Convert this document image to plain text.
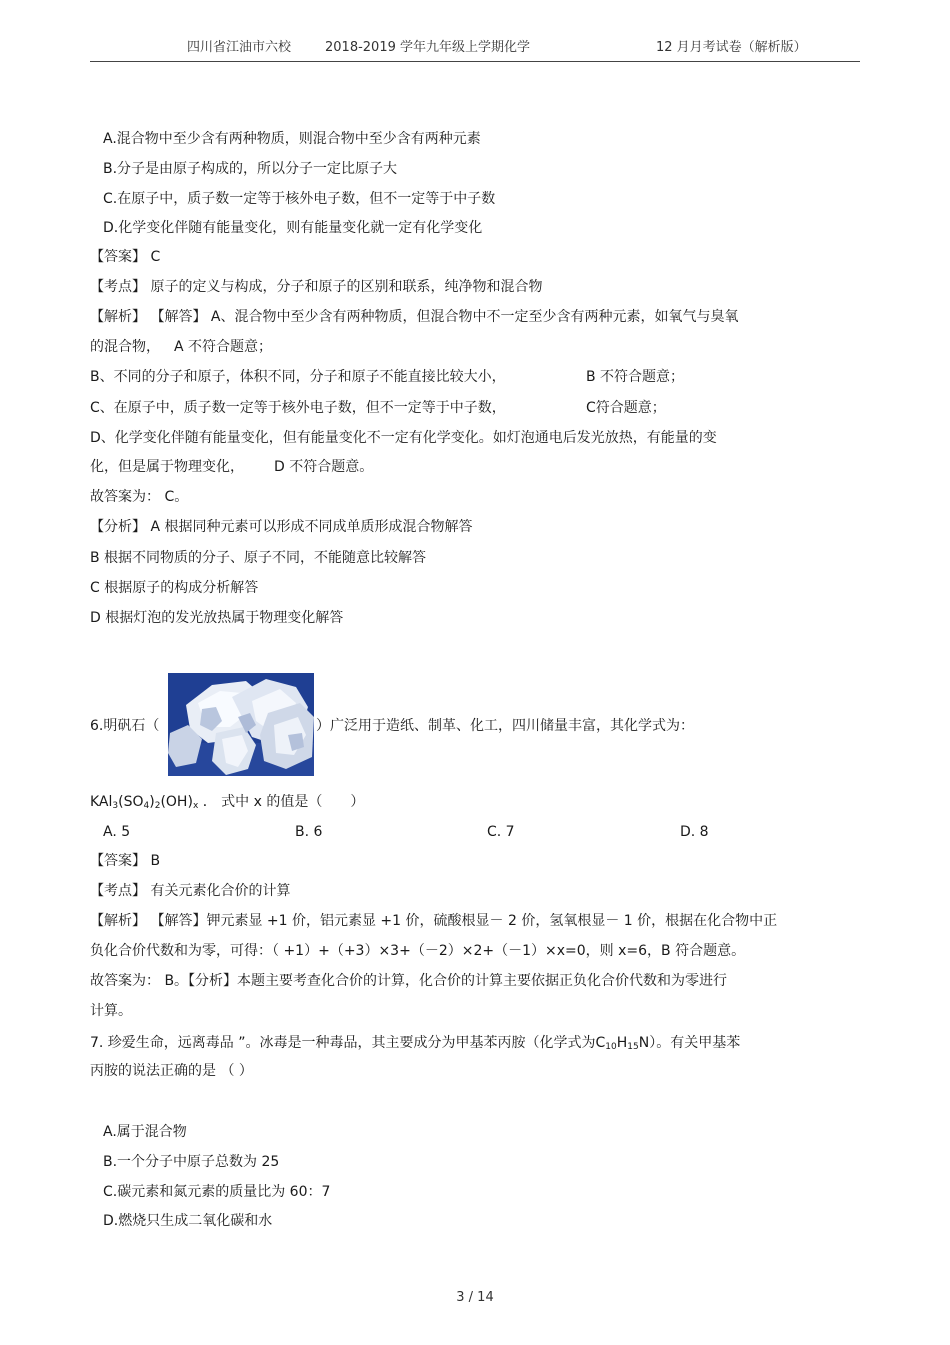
四川省江油市六校	2018-2019 学年九年级上学期化学	12 月月考试卷（解析版）
A.混合物中至少含有两种物质，则混合物中至少含有两种元素
B.分子是由原子构成的，所以分子一定比原子大
C.在原子中，质子数一定等于核外电子数，但不一定等于中子数
D.化学变化伴随有能量变化，则有能量变化就一定有化学变化
【答案】 C
【考点】 原子的定义与构成，分子和原子的区别和联系，纯净物和混合物
【解析】 【解答】 A、混合物中至少含有两种物质，但混合物中不一定至少含有两种元素，如氧气与臭氧
的混合物， A 不符合题意；
B、不同的分子和原子，体积不同，分子和原子不能直接比较大小，	B 不符合题意；
C、在原子中，质子数一定等于核外电子数，但不一定等于中子数，	C符合题意；
D、化学变化伴随有能量变化，但有能量变化不一定有化学变化。如灯泡通电后发光放热，有能量的变
化，但是属于物理变化， D 不符合题意。
故答案为： C。
【分析】 A 根据同种元素可以形成不同成单质形成混合物解答
B 根据不同物质的分子、原子不同，不能随意比较解答
C 根据原子的构成分析解答
D 根据灯泡的发光放热属于物理变化解答
6.明矾石（	）广泛用于造纸、制革、化工，四川储量丰富，其化学式为：
$KAl_3(SO_4)_2(OH)_x$ ． 式中 x 的值是（　　）
A. 5	B. 6	C. 7	D. 8
【答案】 B
【考点】 有关元素化合价的计算
【解析】 【解答】钾元素显 +1 价，铝元素显 +1 价，硫酸根显－ 2 价，氢氧根显－ 1 价，根据在化合物中正
负化合价代数和为零，可得：（ +1）+（+3）×3+（－2）×2+（－1）×x=0，则 x=6，B 符合题意。
故答案为： B。【分析】本题主要考查化合价的计算，化合价的计算主要依据正负化合价代数和为零进行
计算。
7. 珍爱生命，远离毒品 ”。冰毒是一种毒品，其主要成分为甲基苯丙胺（化学式为$C_{10}H_{15}N$）。有关甲基苯
丙胺的说法正确的是 （ ）
A.属于混合物
B.一个分子中原子总数为 25
C.碳元素和氮元素的质量比为 60：7
D.燃烧只生成二氧化碳和水
3 / 14
